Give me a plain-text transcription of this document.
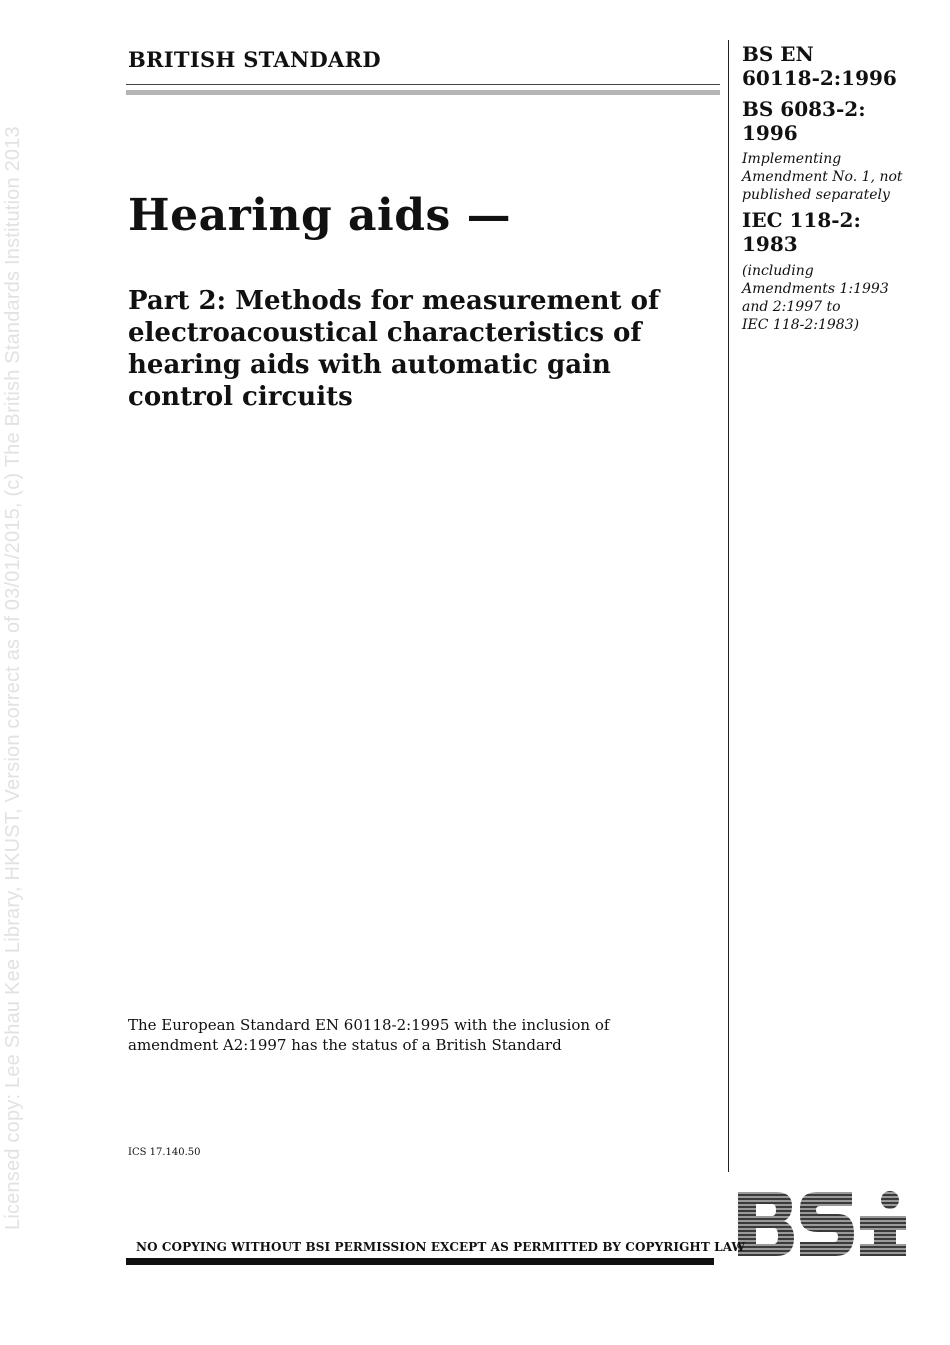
Licensed copy: Lee Shau Kee Library, HKUST, Version correct as of 03/01/2015, (c) The British Standards Institution 2013
BRITISH STANDARD
Hearing aids —
Part 2: Methods for measurement of electroacoustical characteristics of hearing aids with automatic gain control circuits
BS EN
60118-2:1996
BS 6083-2:
1996
Implementing
Amendment No. 1, not
published separately
IEC 118-2:
1983
(including
Amendments 1:1993
and 2:1997 to
IEC 118-2:1983)
The European Standard EN 60118-2:1995 with the inclusion of
amendment A2:1997 has the status of a British Standard
ICS 17.140.50
NO COPYING WITHOUT BSI PERMISSION EXCEPT AS PERMITTED BY COPYRIGHT LAW
